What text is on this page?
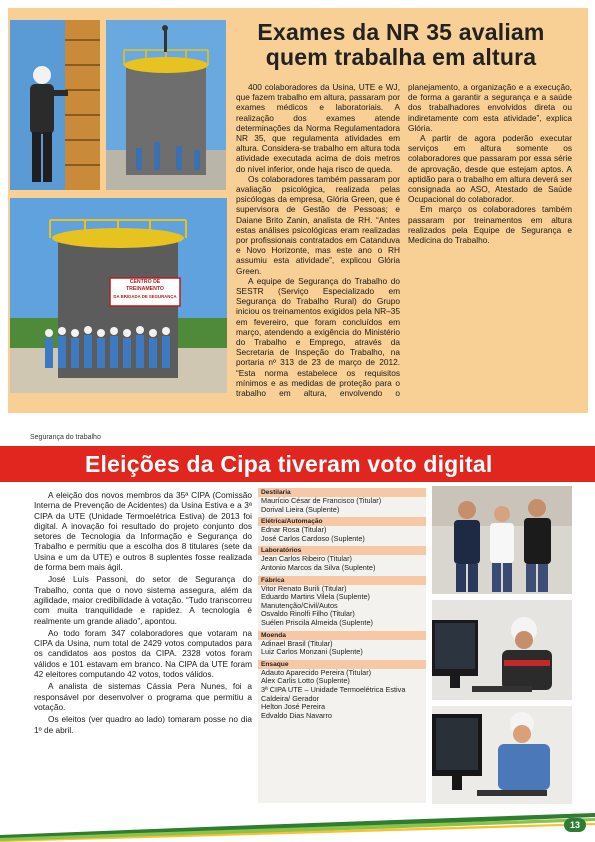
CENTRO DE
TREINAMENTO
DA BRIGADA DE SEGURANÇA
Exames da NR 35 avaliam
quem trabalha em altura

400 colaboradores da Usina, UTE e WJ, que fazem trabalho em altura, passaram por exames médicos e laboratoriais. A realização dos exames atende determinações da Norma Regulamentadora NR 35, que regulamenta atividades em altura. Considera-se trabalho em altura toda atividade executada acima de dois metros do nível inferior, onde haja risco de queda.

Os colaboradores também passaram por avaliação psicológica, realizada pelas psicólogas da empresa, Glória Green, que é supervisora de Gestão de Pessoas; e Daiane Brito Zanin, analista de RH. “Antes estas análises psicológicas eram realizadas por profissionais contratados em Catanduva e Novo Horizonte, mas este ano o RH assumiu esta atividade”, explicou Glória Green.

A equipe de Segurança do Trabalho do SESTR (Serviço Especializado em Segurança do Trabalho Rural) do Grupo iniciou os treinamentos exigidos pela NR–35 em fevereiro, que foram concluídos em março, atendendo a exigência do Ministério do Trabalho e Emprego, através da Secretaria de Inspeção do Trabalho, na portaria nº 313 de 23 de março de 2012. “Esta norma estabelece os requisitos mínimos e as medidas de proteção para o trabalho em altura, envolvendo o planejamento, a organização e a execução, de forma a garantir a segurança e a saúde dos trabalhadores envolvidos direta ou indiretamente com esta atividade”, explica Glória.

A partir de agora poderão executar serviços em altura somente os colaboradores que passaram por essa série de aprovação, desde que estejam aptos. A aptidão para o trabalho em altura deverá ser consignada ao ASO, Atestado de Saúde Ocupacional do colaborador.

Em março os colaboradores também passaram por treinamentos em altura realizados pela Equipe de Segurança e Medicina do Trabalho.

Segurança do trabalho
Eleições da Cipa tiveram voto digital

A eleição dos novos membros da 35ª CIPA (Comissão Interna de Prevenção de Acidentes) da Usina Estiva e a 3ª CIPA da UTE (Unidade Termoelétrica Estiva) de 2013 foi digital. A inovação foi resultado do projeto conjunto dos setores de Tecnologia da Informação e Segurança do Trabalho e permitiu que a escolha dos 8 titulares (sete da Usina e um da UTE) e outros 8 suplentes fosse realizada de forma bem mais ágil.

José Luís Passoni, do setor de Segurança do Trabalho, conta que o novo sistema assegura, além da agilidade, maior credibilidade à votação. “Tudo transcorreu com muita tranquilidade e rapidez. A tecnologia é realmente um grande aliado”, apontou.

Ao todo foram 347 colaboradores que votaram na CIPA da Usina, num total de 2429 votos computados para os candidatos aos postos da CIPA. 2328 votos foram válidos e 101 estavam em branco. Na CIPA da UTE foram 42 eleitores computando 42 votos, todos válidos.

A analista de sistemas Cássia Pera Nunes, foi a responsável por desenvolver o programa que permitiu a votação.

Os eleitos (ver quadro ao lado) tomaram posse no dia 1º de abril.

Destilaria
Maurício César de Francisco (Titular)
Dorival Lieira (Suplente)
Elétrica/Automação
Ednar Rosa (Titular)
José Carlos Cardoso (Suplente)
Laboratórios
Jean Carlos Ribeiro (Titular)
Antonio Marcos da Silva (Suplente)
Fábrica
Vitor Renato Burili (Titular)
Eduardo Martins Vilela (Suplente)
Manutenção/Civil/Autos
Osvaldo Rinolfi Filho (Titular)
Suélen Priscila Almeida (Suplente)
Moenda
Adinael Brasil (Titular)
Luiz Carlos Monzani (Suplente)
Ensaque
Adauto Aparecido Pereira (Titular)
Alex Carlis Lotto (Suplente)
3ª CIPA UTE – Unidade Termoelétrica Estiva
Caldeira/ Gerador
Helton José Pereira
Edvaldo Dias Navarro
13
